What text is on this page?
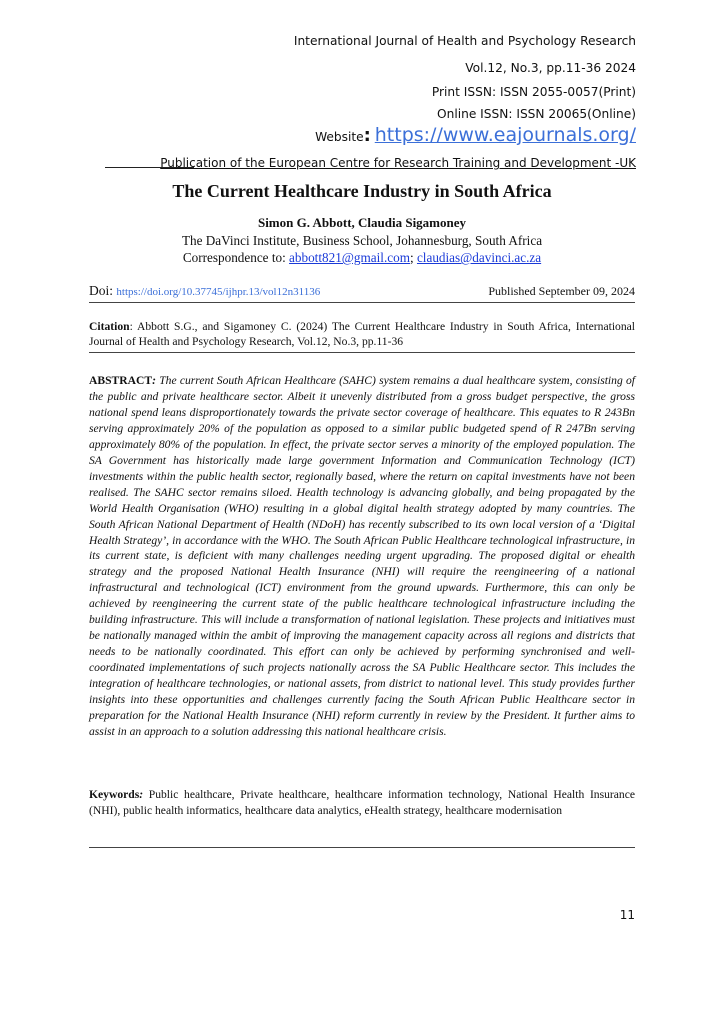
International Journal of Health and Psychology Research
Vol.12, No.3, pp.11-36 2024
Print ISSN: ISSN 2055-0057(Print)
Online ISSN: ISSN 20065(Online)
Website: https://www.eajournals.org/
Publication of the European Centre for Research Training and Development -UK
The Current Healthcare Industry in South Africa
Simon G. Abbott, Claudia Sigamoney
The DaVinci Institute, Business School, Johannesburg, South Africa
Correspondence to: abbott821@gmail.com; claudias@davinci.ac.za
Doi: https://doi.org/10.37745/ijhpr.13/vol12n31136	Published September 09, 2024
Citation: Abbott S.G., and Sigamoney C. (2024) The Current Healthcare Industry in South Africa, International Journal of Health and Psychology Research, Vol.12, No.3, pp.11-36
ABSTRACT: The current South African Healthcare (SAHC) system remains a dual healthcare system, consisting of the public and private healthcare sector. Albeit it unevenly distributed from a gross budget perspective, the gross national spend leans disproportionately towards the private sector coverage of healthcare. This equates to R 243Bn serving approximately 20% of the population as opposed to a similar public budgeted spend of R 247Bn serving approximately 80% of the population. In effect, the private sector serves a minority of the employed population. The SA Government has historically made large government Information and Communication Technology (ICT) investments within the public health sector, regionally based, where the return on capital investments have not been realised. The SAHC sector remains siloed. Health technology is advancing globally, and being propagated by the World Health Organisation (WHO) resulting in a global digital health strategy adopted by many countries. The South African National Department of Health (NDoH) has recently subscribed to its own local version of a ‘Digital Health Strategy’, in accordance with the WHO. The South African Public Healthcare technological infrastructure, in its current state, is deficient with many challenges needing urgent upgrading. The proposed digital or ehealth strategy and the proposed National Health Insurance (NHI) will require the reengineering of a national infrastructural and technological (ICT) environment from the ground upwards. Furthermore, this can only be achieved by reengineering the current state of the public healthcare technological infrastructure including the building infrastructure. This will include a transformation of national legislation. These projects and initiatives must be nationally managed within the ambit of improving the management capacity across all regions and districts that needs to be nationally coordinated. This effort can only be achieved by performing synchronised and well-coordinated implementations of such projects nationally across the SA Public Healthcare sector. This includes the integration of healthcare technologies, or national assets, from district to national level. This study provides further insights into these opportunities and challenges currently facing the South African Public Healthcare sector in preparation for the National Health Insurance (NHI) reform currently in review by the President. It further aims to assist in an approach to a solution addressing this national healthcare crisis.
Keywords: Public healthcare, Private healthcare, healthcare information technology, National Health Insurance (NHI), public health informatics, healthcare data analytics, eHealth strategy, healthcare modernisation
11
